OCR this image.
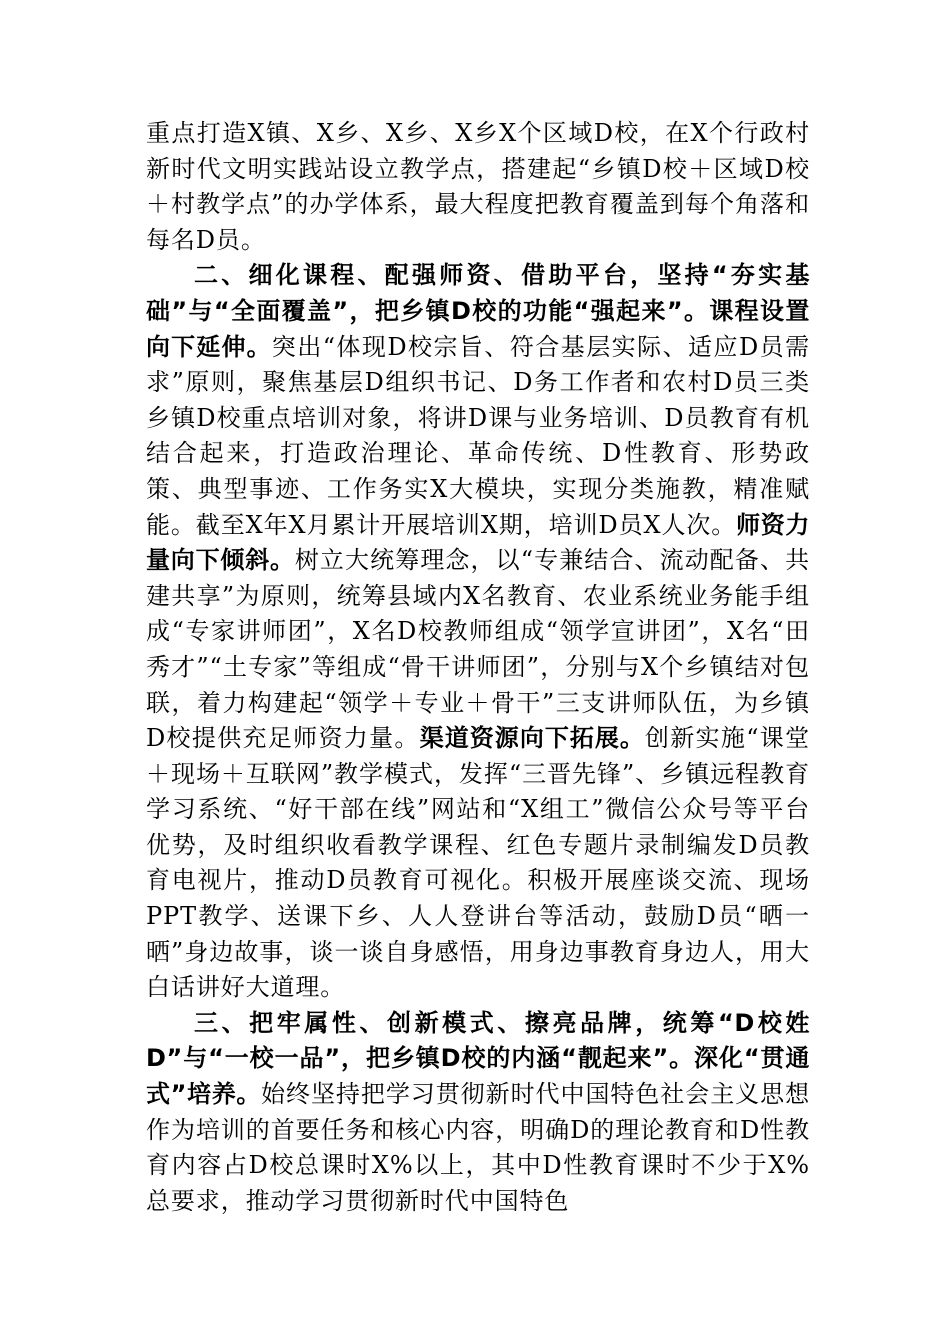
重点打造X镇、X乡、X乡、X乡X个区域D校，在X个行政村新时代文明实践站设立教学点，搭建起“乡镇D校＋区域D校＋村教学点”的办学体系，最大程度把教育覆盖到每个角落和每名D员。

二、细化课程、配强师资、借助平台，坚持“夯实基础”与“全面覆盖”，把乡镇D校的功能“强起来”。课程设置向下延伸。突出“体现D校宗旨、符合基层实际、适应D员需求”原则，聚焦基层D组织书记、D务工作者和农村D员三类乡镇D校重点培训对象，将讲D课与业务培训、D员教育有机结合起来，打造政治理论、革命传统、D性教育、形势政策、典型事迹、工作务实X大模块，实现分类施教，精准赋能。截至X年X月累计开展培训X期，培训D员X人次。师资力量向下倾斜。树立大统筹理念，以“专兼结合、流动配备、共建共享”为原则，统筹县域内X名教育、农业系统业务能手组成“专家讲师团”，X名D校教师组成“领学宣讲团”，X名“田秀才”“土专家”等组成“骨干讲师团”，分别与X个乡镇结对包联，着力构建起“领学＋专业＋骨干”三支讲师队伍，为乡镇D校提供充足师资力量。渠道资源向下拓展。创新实施“课堂＋现场＋互联网”教学模式，发挥“三晋先锋”、乡镇远程教育学习系统、“好干部在线”网站和“X组工”微信公众号等平台优势，及时组织收看教学课程、红色专题片录制编发D员教育电视片，推动D员教育可视化。积极开展座谈交流、现场PPT教学、送课下乡、人人登讲台等活动，鼓励D员“晒一晒”身边故事，谈一谈自身感悟，用身边事教育身边人，用大白话讲好大道理。

三、把牢属性、创新模式、擦亮品牌，统筹“D校姓D”与“一校一品”，把乡镇D校的内涵“靓起来”。深化“贯通式”培养。始终坚持把学习贯彻新时代中国特色社会主义思想作为培训的首要任务和核心内容，明确D的理论教育和D性教育内容占D校总课时X%以上，其中D性教育课时不少于X%总要求，推动学习贯彻新时代中国特色
